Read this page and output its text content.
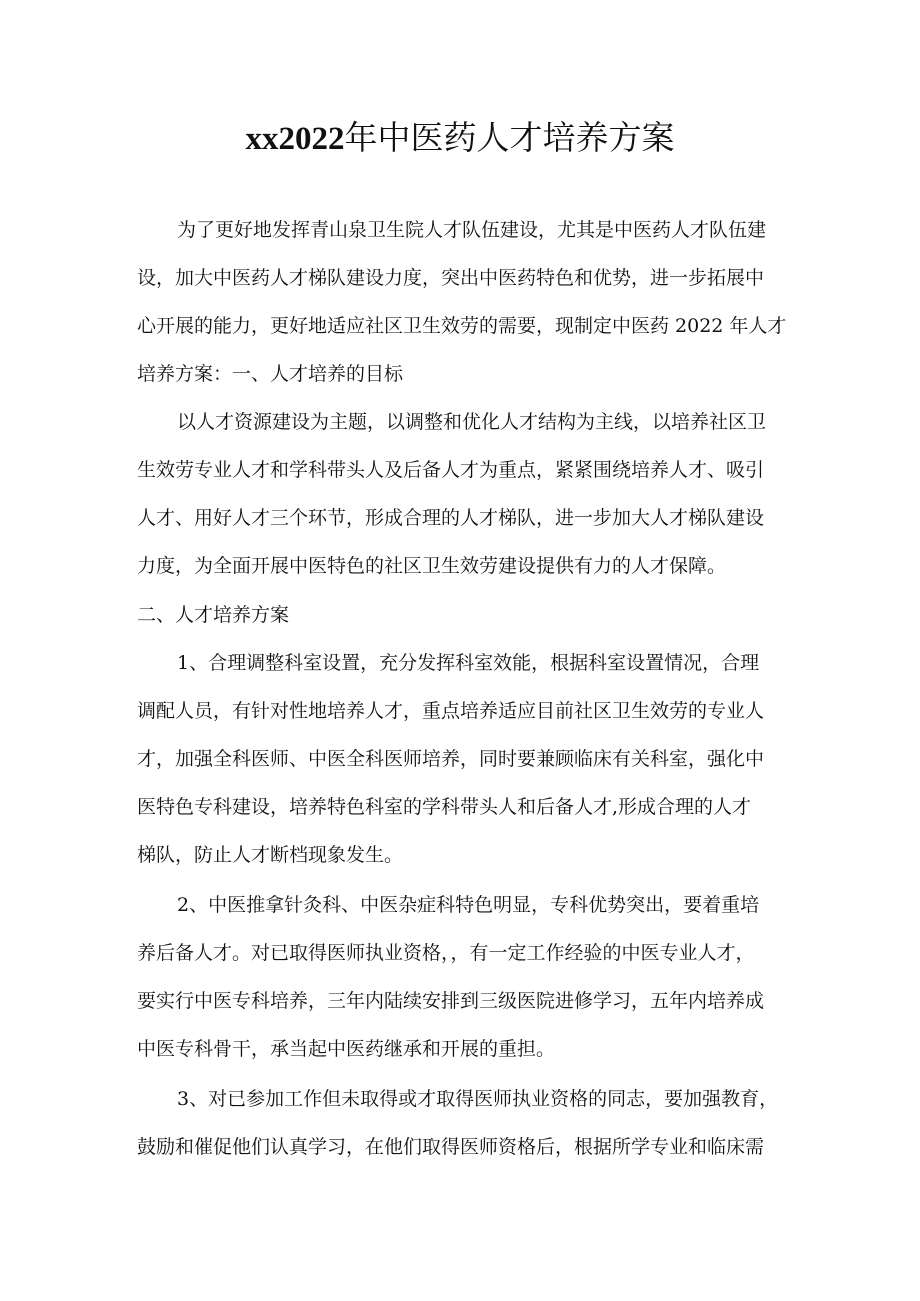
xx2022年中医药人才培养方案

为了更好地发挥青山泉卫生院人才队伍建设，尤其是中医药人才队伍建

设，加大中医药人才梯队建设力度，突出中医药特色和优势，进一步拓展中

心开展的能力，更好地适应社区卫生效劳的需要，现制定中医药 2022 年人才

培养方案：一、人才培养的目标

以人才资源建设为主题，以调整和优化人才结构为主线，以培养社区卫

生效劳专业人才和学科带头人及后备人才为重点，紧紧围绕培养人才、吸引

人才、用好人才三个环节，形成合理的人才梯队，进一步加大人才梯队建设

力度，为全面开展中医特色的社区卫生效劳建设提供有力的人才保障。

二、人才培养方案

1、合理调整科室设置，充分发挥科室效能，根据科室设置情况，合理

调配人员，有针对性地培养人才，重点培养适应目前社区卫生效劳的专业人

才，加强全科医师、中医全科医师培养，同时要兼顾临床有关科室，强化中

医特色专科建设，培养特色科室的学科带头人和后备人才,形成合理的人才

梯队，防止人才断档现象发生。

2、中医推拿针灸科、中医杂症科特色明显，专科优势突出，要着重培

养后备人才。对已取得医师执业资格，，有一定工作经验的中医专业人才，

要实行中医专科培养，三年内陆续安排到三级医院进修学习，五年内培养成

中医专科骨干，承当起中医药继承和开展的重担。

3、对已参加工作但未取得或才取得医师执业资格的同志，要加强教育，

鼓励和催促他们认真学习，在他们取得医师资格后，根据所学专业和临床需
